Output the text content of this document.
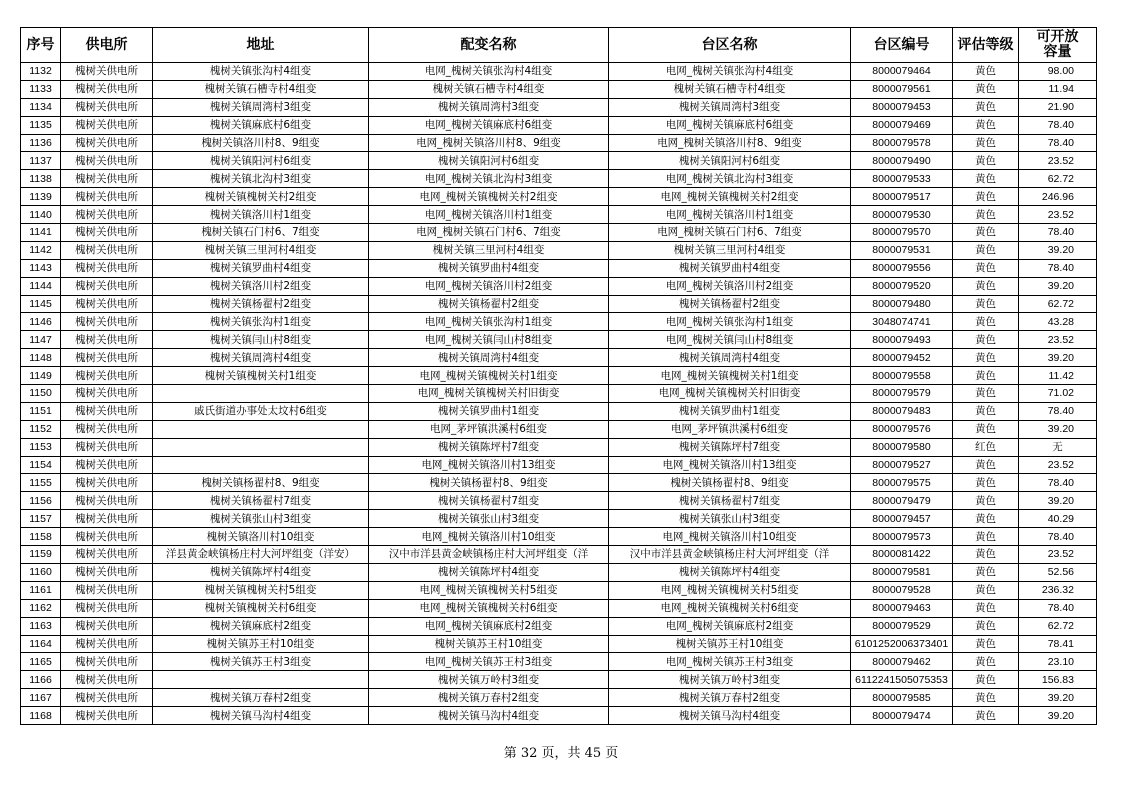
序号	供电所	地址	配变名称	台区名称	台区编号	评估等级	可开放
容量
1132	槐树关供电所	槐树关镇张沟村4组变	电网_槐树关镇张沟村4组变	电网_槐树关镇张沟村4组变	8000079464	黄色	98.00
1133	槐树关供电所	槐树关镇石槽寺村4组变	槐树关镇石槽寺村4组变	槐树关镇石槽寺村4组变	8000079561	黄色	11.94
1134	槐树关供电所	槐树关镇周湾村3组变	槐树关镇周湾村3组变	槐树关镇周湾村3组变	8000079453	黄色	21.90
1135	槐树关供电所	槐树关镇麻底村6组变	电网_槐树关镇麻底村6组变	电网_槐树关镇麻底村6组变	8000079469	黄色	78.40
1136	槐树关供电所	槐树关镇洛川村8、9组变	电网_槐树关镇洛川村8、9组变	电网_槐树关镇洛川村8、9组变	8000079578	黄色	78.40
1137	槐树关供电所	槐树关镇阳河村6组变	槐树关镇阳河村6组变	槐树关镇阳河村6组变	8000079490	黄色	23.52
1138	槐树关供电所	槐树关镇北沟村3组变	电网_槐树关镇北沟村3组变	电网_槐树关镇北沟村3组变	8000079533	黄色	62.72
1139	槐树关供电所	槐树关镇槐树关村2组变	电网_槐树关镇槐树关村2组变	电网_槐树关镇槐树关村2组变	8000079517	黄色	246.96
1140	槐树关供电所	槐树关镇洛川村1组变	电网_槐树关镇洛川村1组变	电网_槐树关镇洛川村1组变	8000079530	黄色	23.52
1141	槐树关供电所	槐树关镇石门村6、7组变	电网_槐树关镇石门村6、7组变	电网_槐树关镇石门村6、7组变	8000079570	黄色	78.40
1142	槐树关供电所	槐树关镇三里河村4组变	槐树关镇三里河村4组变	槐树关镇三里河村4组变	8000079531	黄色	39.20
1143	槐树关供电所	槐树关镇罗曲村4组变	槐树关镇罗曲村4组变	槐树关镇罗曲村4组变	8000079556	黄色	78.40
1144	槐树关供电所	槐树关镇洛川村2组变	电网_槐树关镇洛川村2组变	电网_槐树关镇洛川村2组变	8000079520	黄色	39.20
1145	槐树关供电所	槐树关镇杨翟村2组变	槐树关镇杨翟村2组变	槐树关镇杨翟村2组变	8000079480	黄色	62.72
1146	槐树关供电所	槐树关镇张沟村1组变	电网_槐树关镇张沟村1组变	电网_槐树关镇张沟村1组变	3048074741	黄色	43.28
1147	槐树关供电所	槐树关镇闫山村8组变	电网_槐树关镇闫山村8组变	电网_槐树关镇闫山村8组变	8000079493	黄色	23.52
1148	槐树关供电所	槐树关镇周湾村4组变	槐树关镇周湾村4组变	槐树关镇周湾村4组变	8000079452	黄色	39.20
1149	槐树关供电所	槐树关镇槐树关村1组变	电网_槐树关镇槐树关村1组变	电网_槐树关镇槐树关村1组变	8000079558	黄色	11.42
1150	槐树关供电所		电网_槐树关镇槐树关村旧街变	电网_槐树关镇槐树关村旧街变	8000079579	黄色	71.02
1151	槐树关供电所	戚氏街道办事处太坟村6组变	槐树关镇罗曲村1组变	槐树关镇罗曲村1组变	8000079483	黄色	78.40
1152	槐树关供电所		电网_茅坪镇洪溪村6组变	电网_茅坪镇洪溪村6组变	8000079576	黄色	39.20
1153	槐树关供电所		槐树关镇陈坪村7组变	槐树关镇陈坪村7组变	8000079580	红色	无
1154	槐树关供电所		电网_槐树关镇洛川村13组变	电网_槐树关镇洛川村13组变	8000079527	黄色	23.52
1155	槐树关供电所	槐树关镇杨翟村8、9组变	槐树关镇杨翟村8、9组变	槐树关镇杨翟村8、9组变	8000079575	黄色	78.40
1156	槐树关供电所	槐树关镇杨翟村7组变	槐树关镇杨翟村7组变	槐树关镇杨翟村7组变	8000079479	黄色	39.20
1157	槐树关供电所	槐树关镇张山村3组变	槐树关镇张山村3组变	槐树关镇张山村3组变	8000079457	黄色	40.29
1158	槐树关供电所	槐树关镇洛川村10组变	电网_槐树关镇洛川村10组变	电网_槐树关镇洛川村10组变	8000079573	黄色	78.40
1159	槐树关供电所	洋县黄金峡镇杨庄村大河坪组变（洋安）	汉中市洋县黄金峡镇杨庄村大河坪组变（洋	汉中市洋县黄金峡镇杨庄村大河坪组变（洋	8000081422	黄色	23.52
1160	槐树关供电所	槐树关镇陈坪村4组变	槐树关镇陈坪村4组变	槐树关镇陈坪村4组变	8000079581	黄色	52.56
1161	槐树关供电所	槐树关镇槐树关村5组变	电网_槐树关镇槐树关村5组变	电网_槐树关镇槐树关村5组变	8000079528	黄色	236.32
1162	槐树关供电所	槐树关镇槐树关村6组变	电网_槐树关镇槐树关村6组变	电网_槐树关镇槐树关村6组变	8000079463	黄色	78.40
1163	槐树关供电所	槐树关镇麻底村2组变	电网_槐树关镇麻底村2组变	电网_槐树关镇麻底村2组变	8000079529	黄色	62.72
1164	槐树关供电所	槐树关镇苏王村10组变	槐树关镇苏王村10组变	槐树关镇苏王村10组变	6101252006373401	黄色	78.41
1165	槐树关供电所	槐树关镇苏王村3组变	电网_槐树关镇苏王村3组变	电网_槐树关镇苏王村3组变	8000079462	黄色	23.10
1166	槐树关供电所		槐树关镇万岭村3组变	槐树关镇万岭村3组变	6112241505075353	黄色	156.83
1167	槐树关供电所	槐树关镇万春村2组变	槐树关镇万春村2组变	槐树关镇万春村2组变	8000079585	黄色	39.20
1168	槐树关供电所	槐树关镇马沟村4组变	槐树关镇马沟村4组变	槐树关镇马沟村4组变	8000079474	黄色	39.20
第 32 页，共 45 页
